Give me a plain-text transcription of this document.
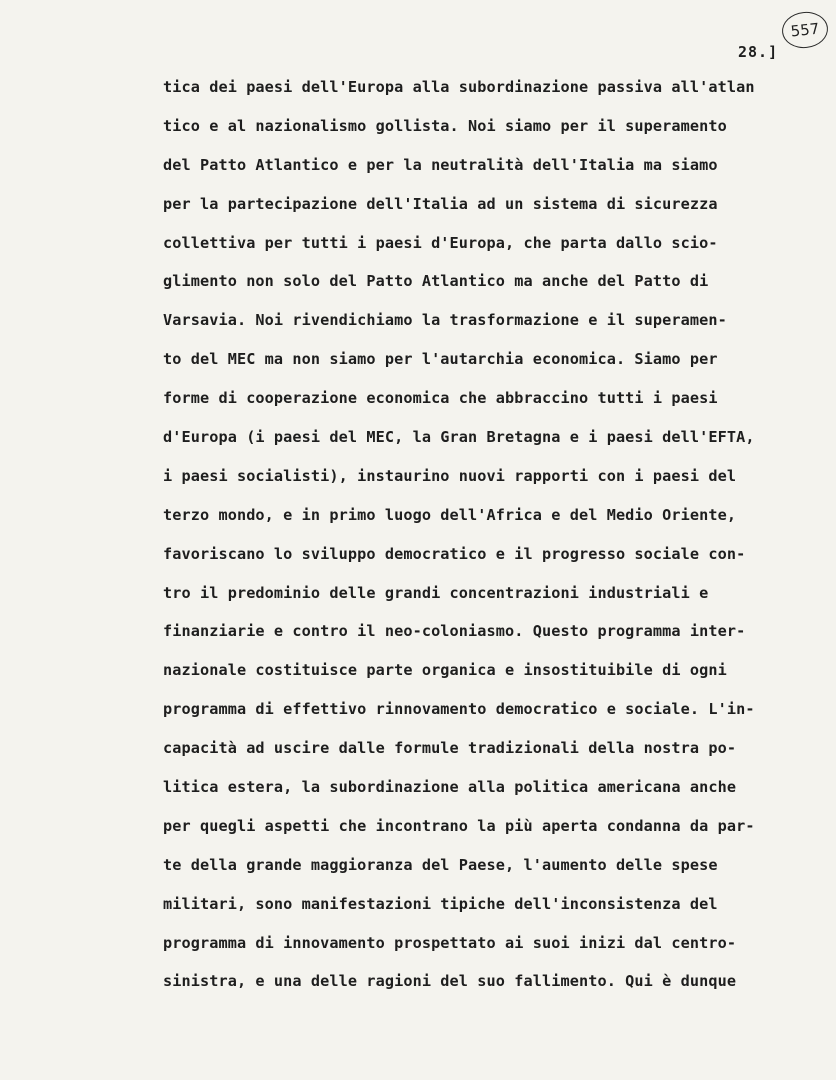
557
28.]
tica dei paesi dell'Europa alla subordinazione passiva all'atlan
tico e al nazionalismo gollista. Noi siamo per il superamento
del Patto Atlantico e per la neutralità dell'Italia ma siamo
per la partecipazione dell'Italia ad un sistema di sicurezza
collettiva per tutti i paesi d'Europa, che parta dallo scio-
glimento non solo del Patto Atlantico ma anche del Patto di
Varsavia. Noi rivendichiamo la trasformazione e il superamen-
to del MEC ma non siamo per l'autarchia economica. Siamo per
forme di cooperazione economica che abbraccino tutti i paesi
d'Europa (i paesi del MEC, la Gran Bretagna e i paesi dell'EFTA,
i paesi socialisti), instaurino nuovi rapporti con i paesi del
terzo mondo, e in primo luogo dell'Africa e del Medio Oriente,
favoriscano lo sviluppo democratico e il progresso sociale con-
tro il predominio delle grandi concentrazioni industriali e
finanziarie e contro il neo-coloniasmo. Questo programma inter-
nazionale costituisce parte organica e insostituibile di ogni
programma di effettivo rinnovamento democratico e sociale. L'in-
capacità ad uscire dalle formule tradizionali della nostra po-
litica estera, la subordinazione alla politica americana anche
per quegli aspetti che incontrano la più aperta condanna da par-
te della grande maggioranza del Paese, l'aumento delle spese
militari, sono manifestazioni tipiche dell'inconsistenza del
programma di innovamento prospettato ai suoi inizi dal centro-
sinistra, e una delle ragioni del suo fallimento. Qui è dunque
